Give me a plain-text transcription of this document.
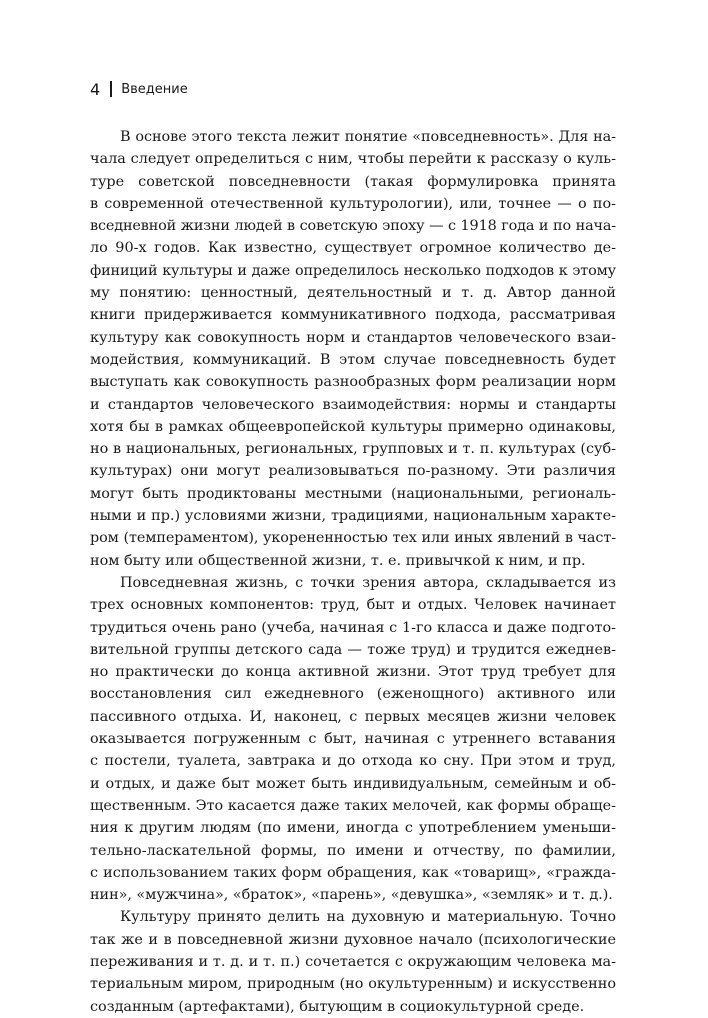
4 Введение

В основе этого текста лежит понятие «повседневность». Для на-
чала следует определиться с ним, чтобы перейти к рассказу о куль-
туре советской повседневности (такая формулировка принята
в современной отечественной культурологии), или, точнее — о по-
вседневной жизни людей в советскую эпоху — с 1918 года и по нача-
ло 90-х годов. Как известно, существует огромное количество де-
финиций культуры и даже определилось несколько подходов к этому
му понятию: ценностный, деятельностный и т. д. Автор данной
книги придерживается коммуникативного подхода, рассматривая
культуру как совокупность норм и стандартов человеческого взаи-
модействия, коммуникаций. В этом случае повседневность будет
выступать как совокупность разнообразных форм реализации норм
и стандартов человеческого взаимодействия: нормы и стандарты
хотя бы в рамках общеевропейской культуры примерно одинаковы,
но в национальных, региональных, групповых и т. п. культурах (суб-
культурах) они могут реализовываться по-разному. Эти различия
могут быть продиктованы местными (национальными, региональ-
ными и пр.) условиями жизни, традициями, национальным характе-
ром (темпераментом), укорененностью тех или иных явлений в част-
ном быту или общественной жизни, т. е. привычкой к ним, и пр.

Повседневная жизнь, с точки зрения автора, складывается из
трех основных компонентов: труд, быт и отдых. Человек начинает
трудиться очень рано (учеба, начиная с 1-го класса и даже подгото-
вительной группы детского сада — тоже труд) и трудится ежеднев-
но практически до конца активной жизни. Этот труд требует для
восстановления сил ежедневного (еженощного) активного или
пассивного отдыха. И, наконец, с первых месяцев жизни человек
оказывается погруженным с быт, начиная с утреннего вставания
с постели, туалета, завтрака и до отхода ко сну. При этом и труд,
и отдых, и даже быт может быть индивидуальным, семейным и об-
щественным. Это касается даже таких мелочей, как формы обраще-
ния к другим людям (по имени, иногда с употреблением уменьши-
тельно-ласкательной формы, по имени и отчеству, по фамилии,
с использованием таких форм обращения, как «товарищ», «гражда-
нин», «мужчина», «браток», «парень», «девушка», «земляк» и т. д.).

Культуру принято делить на духовную и материальную. Точно
так же и в повседневной жизни духовное начало (психологические
переживания и т. д. и т. п.) сочетается с окружающим человека ма-
териальным миром, природным (но окультуренным) и искусственно
созданным (артефактами), бытующим в социокультурной среде.
